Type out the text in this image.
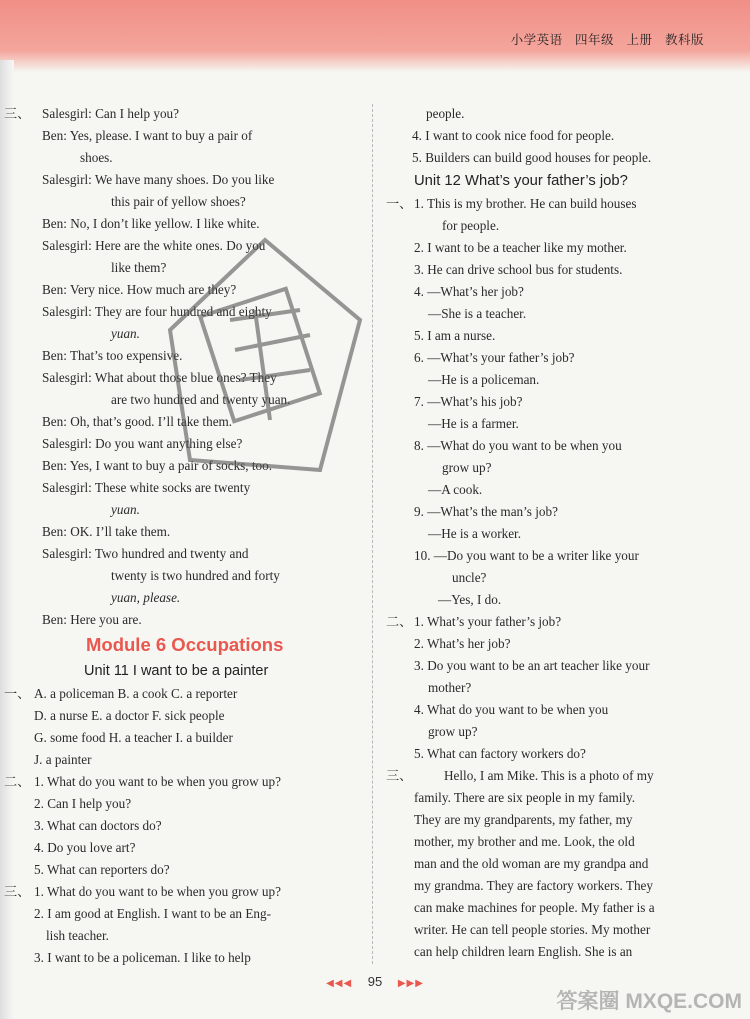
小学英语 四年级 上册 教科版
三、 Salesgirl: Can I help you?
Ben: Yes, please. I want to buy a pair of
shoes.
Salesgirl: We have many shoes. Do you like
this pair of yellow shoes?
Ben: No, I don’t like yellow. I like white.
Salesgirl: Here are the white ones. Do you
like them?
Ben: Very nice. How much are they?
Salesgirl: They are four hundred and eighty
yuan.
Ben: That’s too expensive.
Salesgirl: What about those blue ones? They
are two hundred and twenty yuan.
Ben: Oh, that’s good. I’ll take them.
Salesgirl: Do you want anything else?
Ben: Yes, I want to buy a pair of socks, too.
Salesgirl: These white socks are twenty
yuan.
Ben: OK. I’ll take them.
Salesgirl: Two hundred and twenty and
twenty is two hundred and forty
yuan, please.
Ben: Here you are.
Module 6 Occupations
Unit 11 I want to be a painter
一、 A. a policeman B. a cook C. a reporter
D. a nurse E. a doctor F. sick people
G. some food H. a teacher I. a builder
J. a painter
二、 1. What do you want to be when you grow up?
2. Can I help you?
3. What can doctors do?
4. Do you love art?
5. What can reporters do?
三、 1. What do you want to be when you grow up?
2. I am good at English. I want to be an Eng-
lish teacher.
3. I want to be a policeman. I like to help
people.
4. I want to cook nice food for people.
5. Builders can build good houses for people.
Unit 12 What’s your father’s job?
一、 1. This is my brother. He can build houses
for people.
2. I want to be a teacher like my mother.
3. He can drive school bus for students.
4. —What’s her job?
—She is a teacher.
5. I am a nurse.
6. —What’s your father’s job?
—He is a policeman.
7. —What’s his job?
—He is a farmer.
8. —What do you want to be when you
grow up?
—A cook.
9. —What’s the man’s job?
—He is a worker.
10. —Do you want to be a writer like your
uncle?
—Yes, I do.
二、 1. What’s your father’s job?
2. What’s her job?
3. Do you want to be an art teacher like your
mother?
4. What do you want to be when you
grow up?
5. What can factory workers do?
三、 Hello, I am Mike. This is a photo of my
family. There are six people in my family.
They are my grandparents, my father, my
mother, my brother and me. Look, the old
man and the old woman are my grandpa and
my grandma. They are factory workers. They
can make machines for people. My father is a
writer. He can tell people stories. My mother
can help children learn English. She is an
◀◀◀ 95 ▶▶▶
答案圈 MXQE.COM
